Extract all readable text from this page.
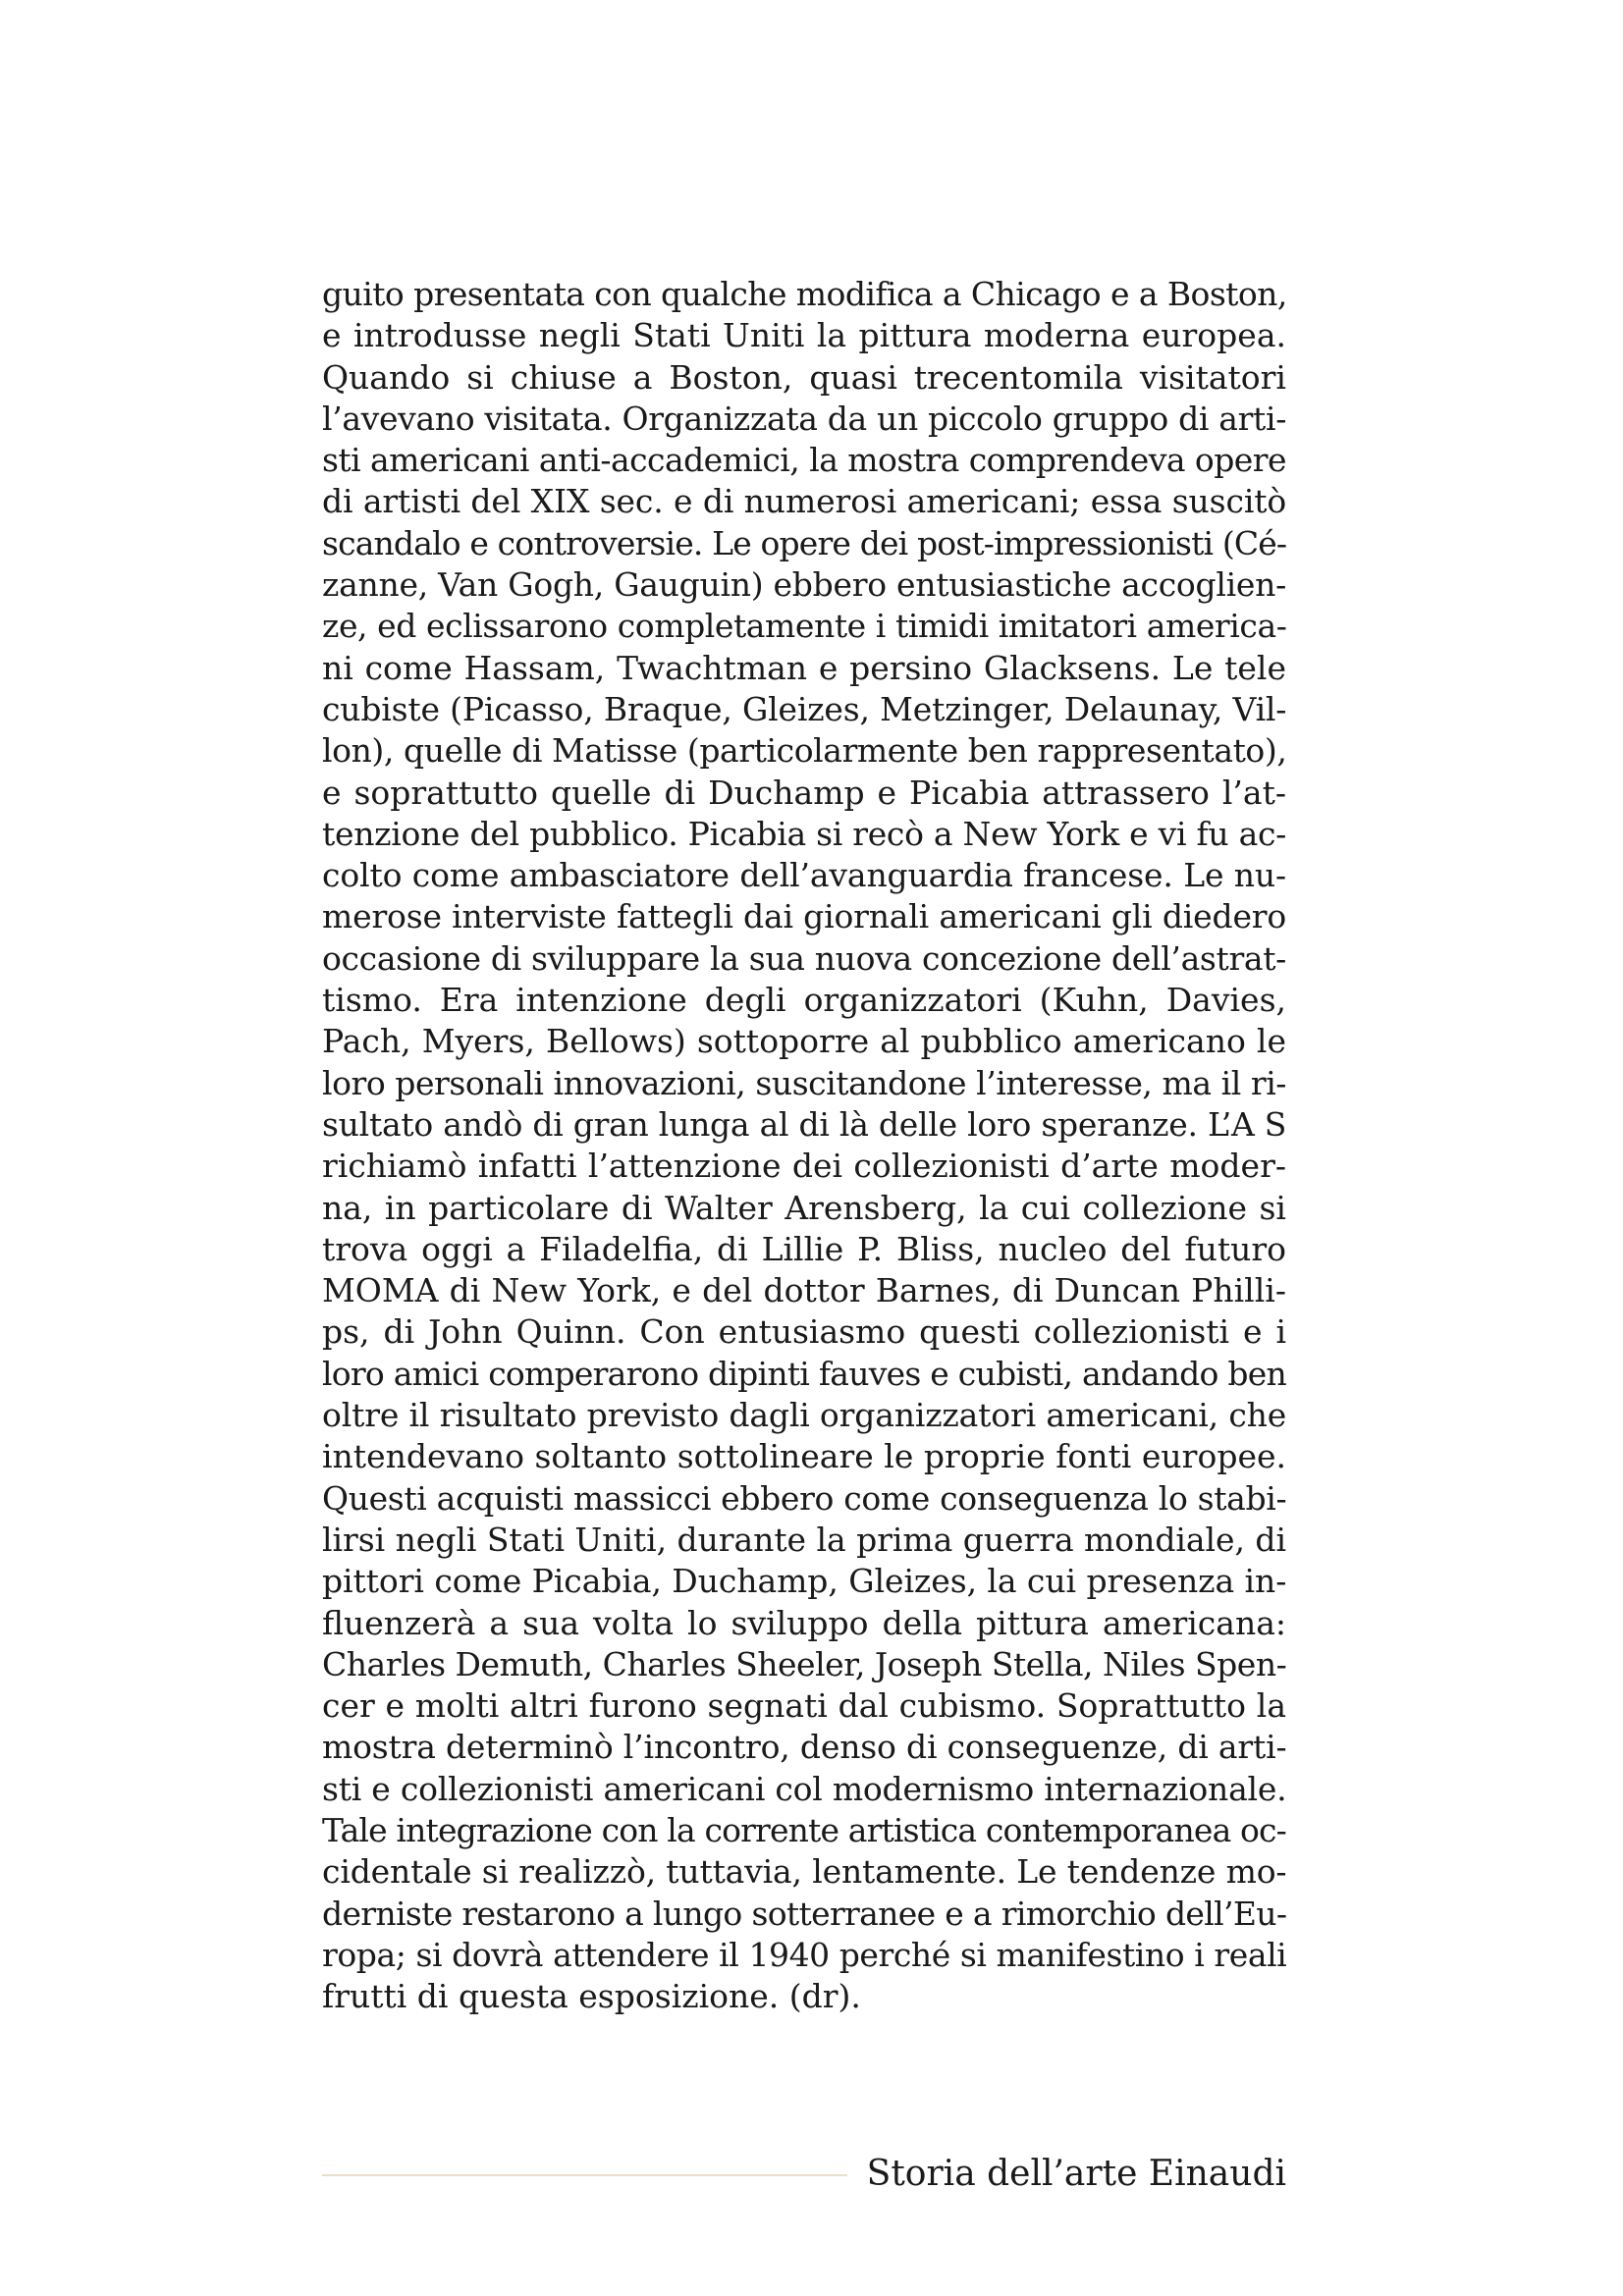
guito presentata con qualche modifica a Chicago e a Boston,
e introdusse negli Stati Uniti la pittura moderna europea.
Quando si chiuse a Boston, quasi trecentomila visitatori
l’avevano visitata. Organizzata da un piccolo gruppo di arti-
sti americani anti-accademici, la mostra comprendeva opere
di artisti del XIX sec. e di numerosi americani; essa suscitò
scandalo e controversie. Le opere dei post-impressionisti (Cé-
zanne, Van Gogh, Gauguin) ebbero entusiastiche accoglien-
ze, ed eclissarono completamente i timidi imitatori america-
ni come Hassam, Twachtman e persino Glacksens. Le tele
cubiste (Picasso, Braque, Gleizes, Metzinger, Delaunay, Vil-
lon), quelle di Matisse (particolarmente ben rappresentato),
e soprattutto quelle di Duchamp e Picabia attrassero l’at-
tenzione del pubblico. Picabia si recò a New York e vi fu ac-
colto come ambasciatore dell’avanguardia francese. Le nu-
merose interviste fattegli dai giornali americani gli diedero
occasione di sviluppare la sua nuova concezione dell’astrat-
tismo. Era intenzione degli organizzatori (Kuhn, Davies,
Pach, Myers, Bellows) sottoporre al pubblico americano le
loro personali innovazioni, suscitandone l’interesse, ma il ri-
sultato andò di gran lunga al di là delle loro speranze. L’A S
richiamò infatti l’attenzione dei collezionisti d’arte moder-
na, in particolare di Walter Arensberg, la cui collezione si
trova oggi a Filadelfia, di Lillie P. Bliss, nucleo del futuro
MOMA di New York, e del dottor Barnes, di Duncan Philli-
ps, di John Quinn. Con entusiasmo questi collezionisti e i
loro amici comperarono dipinti fauves e cubisti, andando ben
oltre il risultato previsto dagli organizzatori americani, che
intendevano soltanto sottolineare le proprie fonti europee.
Questi acquisti massicci ebbero come conseguenza lo stabi-
lirsi negli Stati Uniti, durante la prima guerra mondiale, di
pittori come Picabia, Duchamp, Gleizes, la cui presenza in-
fluenzerà a sua volta lo sviluppo della pittura americana:
Charles Demuth, Charles Sheeler, Joseph Stella, Niles Spen-
cer e molti altri furono segnati dal cubismo. Soprattutto la
mostra determinò l’incontro, denso di conseguenze, di arti-
sti e collezionisti americani col modernismo internazionale.
Tale integrazione con la corrente artistica contemporanea oc-
cidentale si realizzò, tuttavia, lentamente. Le tendenze mo-
derniste restarono a lungo sotterranee e a rimorchio dell’Eu-
ropa; si dovrà attendere il 1940 perché si manifestino i reali
frutti di questa esposizione. (dr).
Storia dell’arte Einaudi
